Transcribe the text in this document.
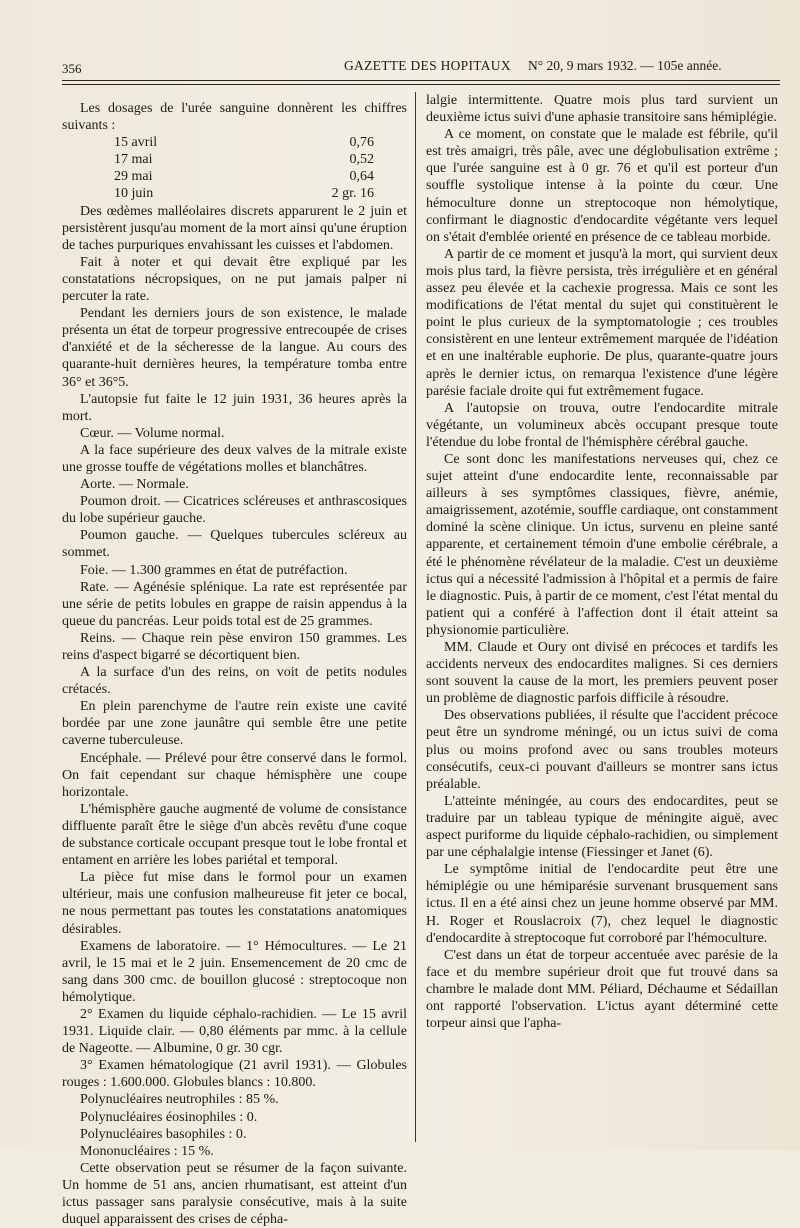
356	GAZETTE DES HOPITAUX N° 20, 9 mars 1932. — 105e année.

Les dosages de l'urée sanguine donnèrent les chiffres suivants :

15 avril	0,76
17 mai	0,52
29 mai	0,64
10 juin	2 gr. 16

Des œdèmes malléolaires discrets apparurent le 2 juin et persistèrent jusqu'au moment de la mort ainsi qu'une éruption de taches purpuriques envahissant les cuisses et l'abdomen.

Fait à noter et qui devait être expliqué par les constatations nécropsiques, on ne put jamais palper ni percuter la rate.

Pendant les derniers jours de son existence, le malade présenta un état de torpeur progressive entrecoupée de crises d'anxiété et de la sécheresse de la langue. Au cours des quarante-huit dernières heures, la température tomba entre 36° et 36°5.

L'autopsie fut faite le 12 juin 1931, 36 heures après la mort.

Cœur. — Volume normal.

A la face supérieure des deux valves de la mitrale existe une grosse touffe de végétations molles et blanchâtres.

Aorte. — Normale.

Poumon droit. — Cicatrices scléreuses et anthrascosiques du lobe supérieur gauche.

Poumon gauche. — Quelques tubercules scléreux au sommet.

Foie. — 1.300 grammes en état de putréfaction.

Rate. — Agénésie splénique. La rate est représentée par une série de petits lobules en grappe de raisin appendus à la queue du pancréas. Leur poids total est de 25 grammes.

Reins. — Chaque rein pèse environ 150 grammes. Les reins d'aspect bigarré se décortiquent bien.

A la surface d'un des reins, on voit de petits nodules crétacés.

En plein parenchyme de l'autre rein existe une cavité bordée par une zone jaunâtre qui semble être une petite caverne tuberculeuse.

Encéphale. — Prélevé pour être conservé dans le formol. On fait cependant sur chaque hémisphère une coupe horizontale.

L'hémisphère gauche augmenté de volume de consistance diffluente paraît être le siège d'un abcès revêtu d'une coque de substance corticale occupant presque tout le lobe frontal et entament en arrière les lobes pariétal et temporal.

La pièce fut mise dans le formol pour un examen ultérieur, mais une confusion malheureuse fit jeter ce bocal, ne nous permettant pas toutes les constatations anatomiques désirables.

Examens de laboratoire. — 1° Hémocultures. — Le 21 avril, le 15 mai et le 2 juin. Ensemencement de 20 cmc de sang dans 300 cmc. de bouillon glucosé : streptocoque non hémolytique.

2° Examen du liquide céphalo-rachidien. — Le 15 avril 1931. Liquide clair. — 0,80 éléments par mmc. à la cellule de Nageotte. — Albumine, 0 gr. 30 cgr.

3° Examen hématologique (21 avril 1931). — Globules rouges : 1.600.000. Globules blancs : 10.800.

Polynucléaires neutrophiles : 85 %.

Polynucléaires éosinophiles : 0.

Polynucléaires basophiles : 0.

Mononucléaires : 15 %.

Cette observation peut se résumer de la façon suivante. Un homme de 51 ans, ancien rhumatisant, est atteint d'un ictus passager sans paralysie consécutive, mais à la suite duquel apparaissent des crises de cépha-

lalgie intermittente. Quatre mois plus tard survient un deuxième ictus suivi d'une aphasie transitoire sans hémiplégie.

A ce moment, on constate que le malade est fébrile, qu'il est très amaigri, très pâle, avec une déglobulisation extrême ; que l'urée sanguine est à 0 gr. 76 et qu'il est porteur d'un souffle systolique intense à la pointe du cœur. Une hémoculture donne un streptocoque non hémolytique, confirmant le diagnostic d'endocardite végétante vers lequel on s'était d'emblée orienté en présence de ce tableau morbide.

A partir de ce moment et jusqu'à la mort, qui survient deux mois plus tard, la fièvre persista, très irrégulière et en général assez peu élevée et la cachexie progressa. Mais ce sont les modifications de l'état mental du sujet qui constituèrent le point le plus curieux de la symptomatologie ; ces troubles consistèrent en une lenteur extrêmement marquée de l'idéation et en une inaltérable euphorie. De plus, quarante-quatre jours après le dernier ictus, on remarqua l'existence d'une légère parésie faciale droite qui fut extrêmement fugace.

A l'autopsie on trouva, outre l'endocardite mitrale végétante, un volumineux abcès occupant presque toute l'étendue du lobe frontal de l'hémisphère cérébral gauche.

Ce sont donc les manifestations nerveuses qui, chez ce sujet atteint d'une endocardite lente, reconnaissable par ailleurs à ses symptômes classiques, fièvre, anémie, amaigrissement, azotémie, souffle cardiaque, ont constamment dominé la scène clinique. Un ictus, survenu en pleine santé apparente, et certainement témoin d'une embolie cérébrale, a été le phénomène révélateur de la maladie. C'est un deuxième ictus qui a nécessité l'admission à l'hôpital et a permis de faire le diagnostic. Puis, à partir de ce moment, c'est l'état mental du patient qui a conféré à l'affection dont il était atteint sa physionomie particulière.

MM. Claude et Oury ont divisé en précoces et tardifs les accidents nerveux des endocardites malignes. Si ces derniers sont souvent la cause de la mort, les premiers peuvent poser un problème de diagnostic parfois difficile à résoudre.

Des observations publiées, il résulte que l'accident précoce peut être un syndrome méningé, ou un ictus suivi de coma plus ou moins profond avec ou sans troubles moteurs consécutifs, ceux-ci pouvant d'ailleurs se montrer sans ictus préalable.

L'atteinte méningée, au cours des endocardites, peut se traduire par un tableau typique de méningite aiguë, avec aspect puriforme du liquide céphalo-rachidien, ou simplement par une céphalalgie intense (Fiessinger et Janet (6).

Le symptôme initial de l'endocardite peut être une hémiplégie ou une hémiparésie survenant brusquement sans ictus. Il en a été ainsi chez un jeune homme observé par MM. H. Roger et Rouslacroix (7), chez lequel le diagnostic d'endocardite à streptocoque fut corroboré par l'hémoculture.

C'est dans un état de torpeur accentuée avec parésie de la face et du membre supérieur droit que fut trouvé dans sa chambre le malade dont MM. Péliard, Déchaume et Sédaillan ont rapporté l'observation. L'ictus ayant déterminé cette torpeur ainsi que l'apha-
